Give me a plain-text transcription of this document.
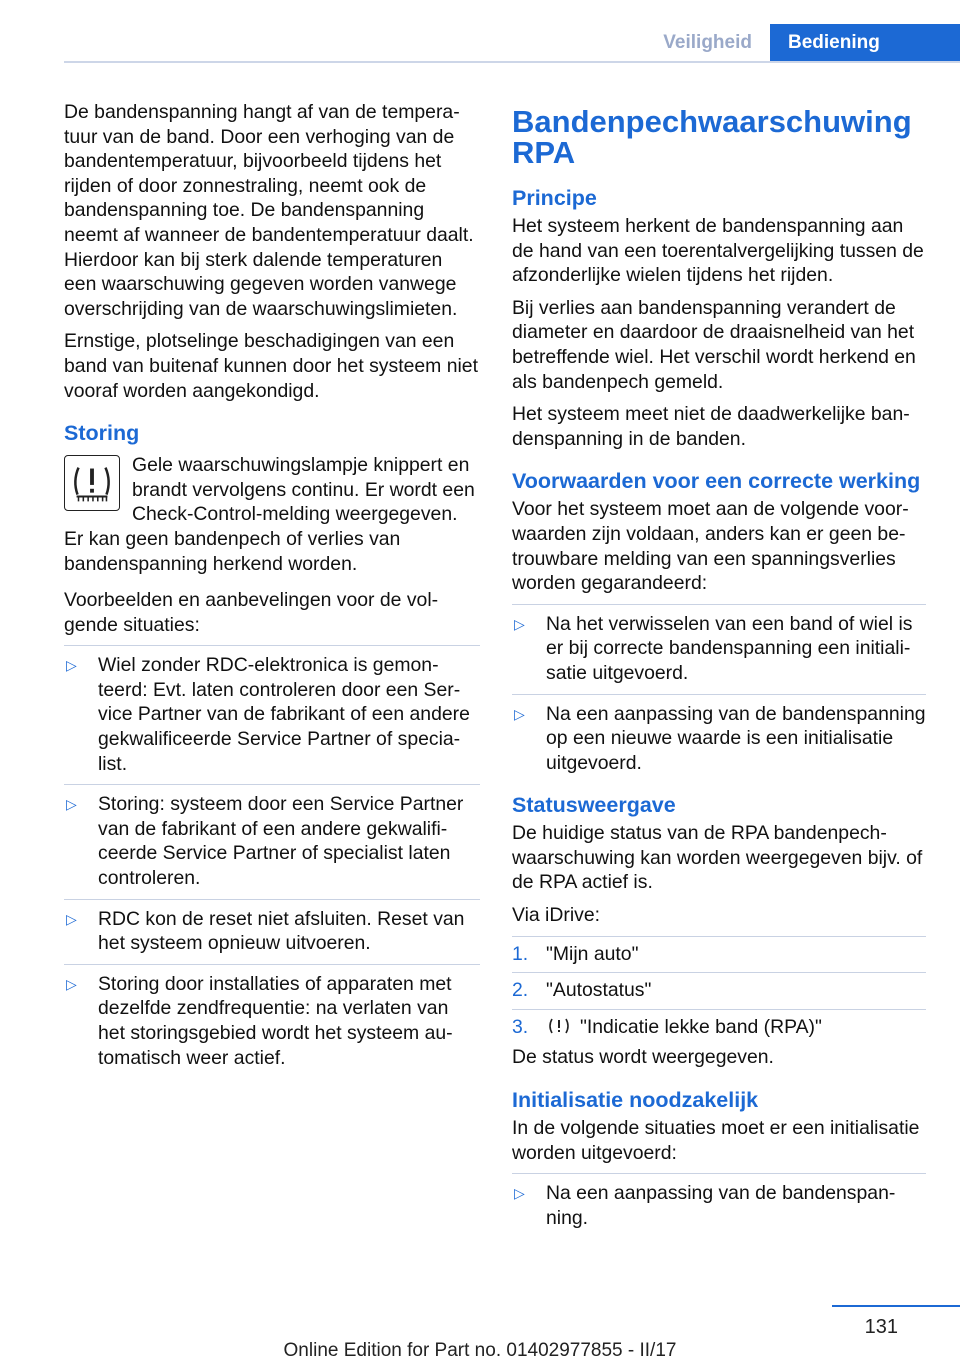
Veiligheid	Bediening

De bandenspanning hangt af van de temperatuur van de band. Door een verhoging van de bandentemperatuur, bijvoorbeeld tijdens het rijden of door zonnestraling, neemt ook de bandenspanning toe. De bandenspanning neemt af wanneer de bandentemperatuur daalt. Hierdoor kan bij sterk dalende temperaturen een waarschuwing gegeven worden vanwege overschrijding van de waarschuwingslimieten.

Ernstige, plotselinge beschadigingen van een band van buitenaf kunnen door het systeem niet vooraf worden aangekondigd.

Storing

Gele waarschuwingslampje knippert en brandt vervolgens continu. Er wordt een Check-Control-melding weergegeven. Er kan geen bandenpech of verlies van bandenspanning herkend worden.

Voorbeelden en aanbevelingen voor de volgende situaties:

▷ Wiel zonder RDC-elektronica is gemonteerd: Evt. laten controleren door een Service Partner van de fabrikant of een andere gekwalificeerde Service Partner of specialist.
▷ Storing: systeem door een Service Partner van de fabrikant of een andere gekwalificeerde Service Partner of specialist laten controleren.
▷ RDC kon de reset niet afsluiten. Reset van het systeem opnieuw uitvoeren.
▷ Storing door installaties of apparaten met dezelfde zendfrequentie: na verlaten van het storingsgebied wordt het systeem automatisch weer actief.
Bandenpechwaarschuwing RPA
Principe

Het systeem herkent de bandenspanning aan de hand van een toerentalvergelijking tussen de afzonderlijke wielen tijdens het rijden.

Bij verlies aan bandenspanning verandert de diameter en daardoor de draaisnelheid van het betreffende wiel. Het verschil wordt herkend en als bandenpech gemeld.

Het systeem meet niet de daadwerkelijke bandenspanning in de banden.

Voorwaarden voor een correcte werking

Voor het systeem moet aan de volgende voorwaarden zijn voldaan, anders kan er geen betrouwbare melding van een spanningsverlies worden gegarandeerd:

▷ Na het verwisselen van een band of wiel is er bij correcte bandenspanning een initialisatie uitgevoerd.
▷ Na een aanpassing van de bandenspanning op een nieuwe waarde is een initialisatie uitgevoerd.
Statusweergave

De huidige status van de RPA bandenpechwaarschuwing kan worden weergegeven bijv. of de RPA actief is.

Via iDrive:

1. "Mijn auto"
2. "Autostatus"
3.	"Indicatie lekke band (RPA)"

De status wordt weergegeven.

Initialisatie noodzakelijk

In de volgende situaties moet er een initialisatie worden uitgevoerd:

▷ Na een aanpassing van de bandenspanning.
131
Online Edition for Part no. 01402977855 - II/17
